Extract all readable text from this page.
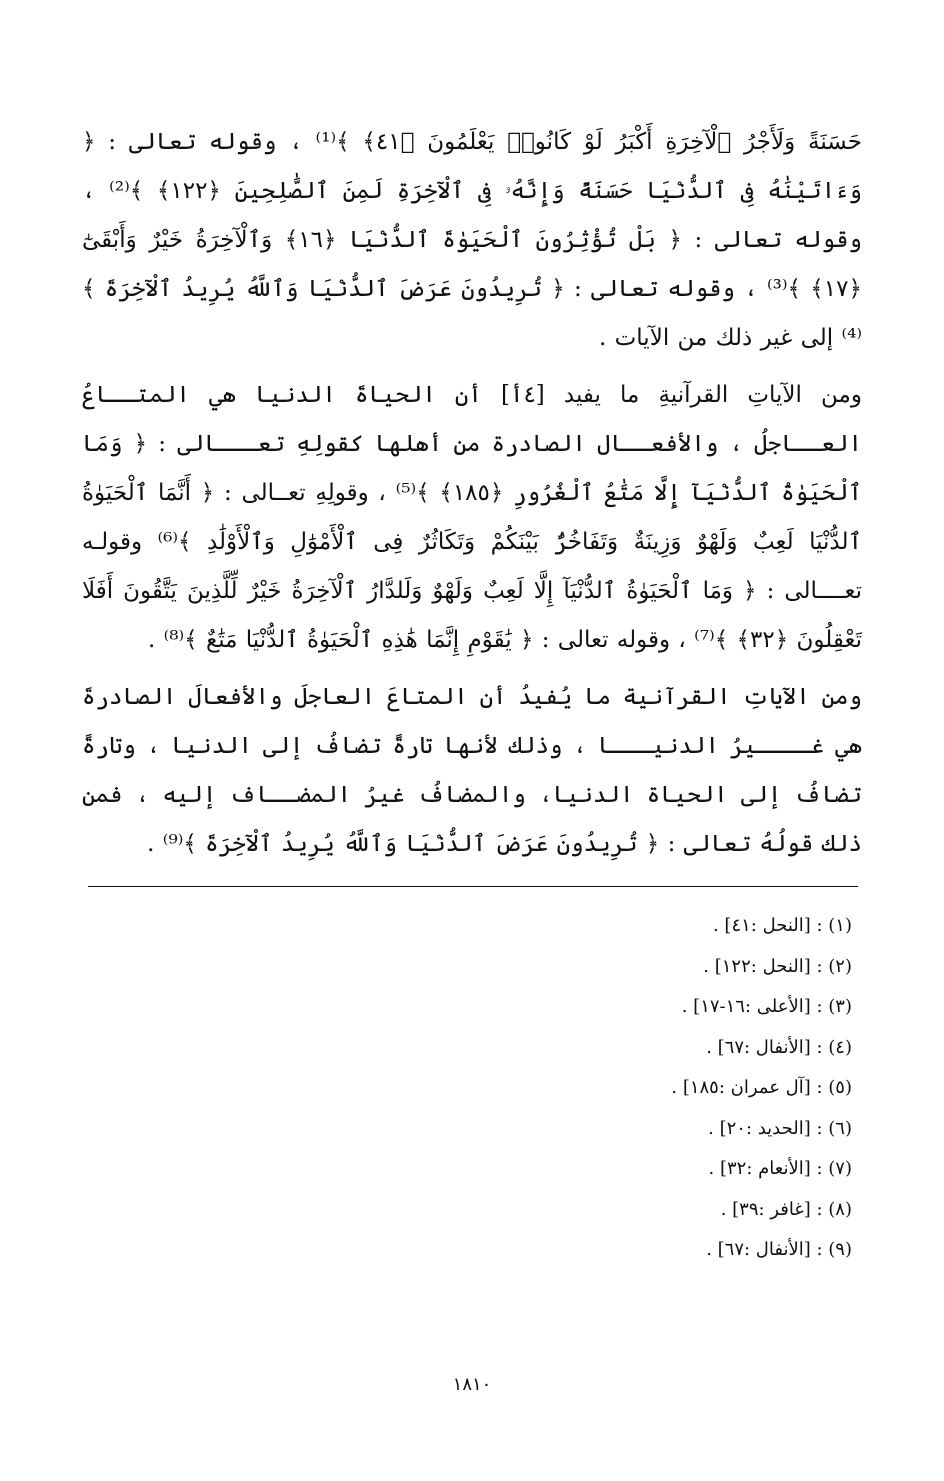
حَسَنَةً وَلَأَجْرُ ٱلْآخِرَةِ أَكْبَرُ لَوْ كَانُوا۟ يَعْلَمُونَ ﴿٤١﴾ ﴾⁽¹⁾ ، وقوله تعالى : ﴿ وَءَاتَيْنَٰهُ فِى ٱلدُّنْيَا حَسَنَةً وَإِنَّهُۥ فِى ٱلْآخِرَةِ لَمِنَ ٱلصَّٰلِحِينَ ﴿١٢٢﴾ ﴾⁽²⁾ ، وقوله تعالى : ﴿ بَلْ تُؤْثِرُونَ ٱلْحَيَوٰةَ ٱلدُّنْيَا ﴿١٦﴾ وَٱلْآخِرَةُ خَيْرٌ وَأَبْقَىٰٓ ﴿١٧﴾ ﴾⁽³⁾ ، وقوله تعالى : ﴿ تُرِيدُونَ عَرَضَ ٱلدُّنْيَا وَٱللَّهُ يُرِيدُ ٱلْآخِرَةَ ﴾⁽⁴⁾ إلى غير ذلك من الآيات .

ومن الآياتِ القرآنيةِ ما يفيد [٤أ] أن الحياةَ الدنيا هي المتــاعُ العــاجلُ ، والأفعــال الصادرة من أهلها كقولِهِ تعـــالى : ﴿ وَمَا ٱلْحَيَوٰةُ ٱلدُّنْيَآ إِلَّا مَتَٰعُ ٱلْغُرُورِ ﴿١٨٥﴾ ﴾⁽⁵⁾ ، وقولِهِ تعــالى : ﴿ أَنَّمَا ٱلْحَيَوٰةُ ٱلدُّنْيَا لَعِبٌ وَلَهْوٌ وَزِينَةٌ وَتَفَاخُرٌۢ بَيْنَكُمْ وَتَكَاثُرٌ فِى ٱلْأَمْوَٰلِ وَٱلْأَوْلَٰدِ ﴾⁽⁶⁾ وقولـه تعــــالى : ﴿ وَمَا ٱلْحَيَوٰةُ ٱلدُّنْيَآ إِلَّا لَعِبٌ وَلَهْوٌ وَلَلدَّارُ ٱلْآخِرَةُ خَيْرٌ لِّلَّذِينَ يَتَّقُونَ أَفَلَا تَعْقِلُونَ ﴿٣٢﴾ ﴾⁽⁷⁾ ، وقوله تعالى : ﴿ يَٰقَوْمِ إِنَّمَا هَٰذِهِ ٱلْحَيَوٰةُ ٱلدُّنْيَا مَتَٰعٌ ﴾⁽⁸⁾ .

ومن الآياتِ القرآنية ما يُفيدُ أن المتاعَ العاجلَ والأفعالَ الصادرةَ هي غــــيرُ الدنيـــا ، وذلك لأنها تارةً تضافُ إلى الدنيا ، وتارةً تضافُ إلى الحياة الدنيا، والمضافُ غيرُ المضــاف إليه ، فمن ذلك قولُهُ تعالى : ﴿ تُرِيدُونَ عَرَضَ ٱلدُّنْيَا وَٱللَّهُ يُرِيدُ ٱلْآخِرَةَ ﴾⁽⁹⁾ .

(١) : [النحل :٤١] .
(٢) : [النحل :١٢٢] .
(٣) : [الأعلى :١٦-١٧] .
(٤) : [الأنفال :٦٧] .
(٥) : [آل عمران :١٨٥] .
(٦) : [الحديد :٢٠] .
(٧) : [الأنعام :٣٢] .
(٨) : [غافر :٣٩] .
(٩) : [الأنفال :٦٧] .
١٨١٠
